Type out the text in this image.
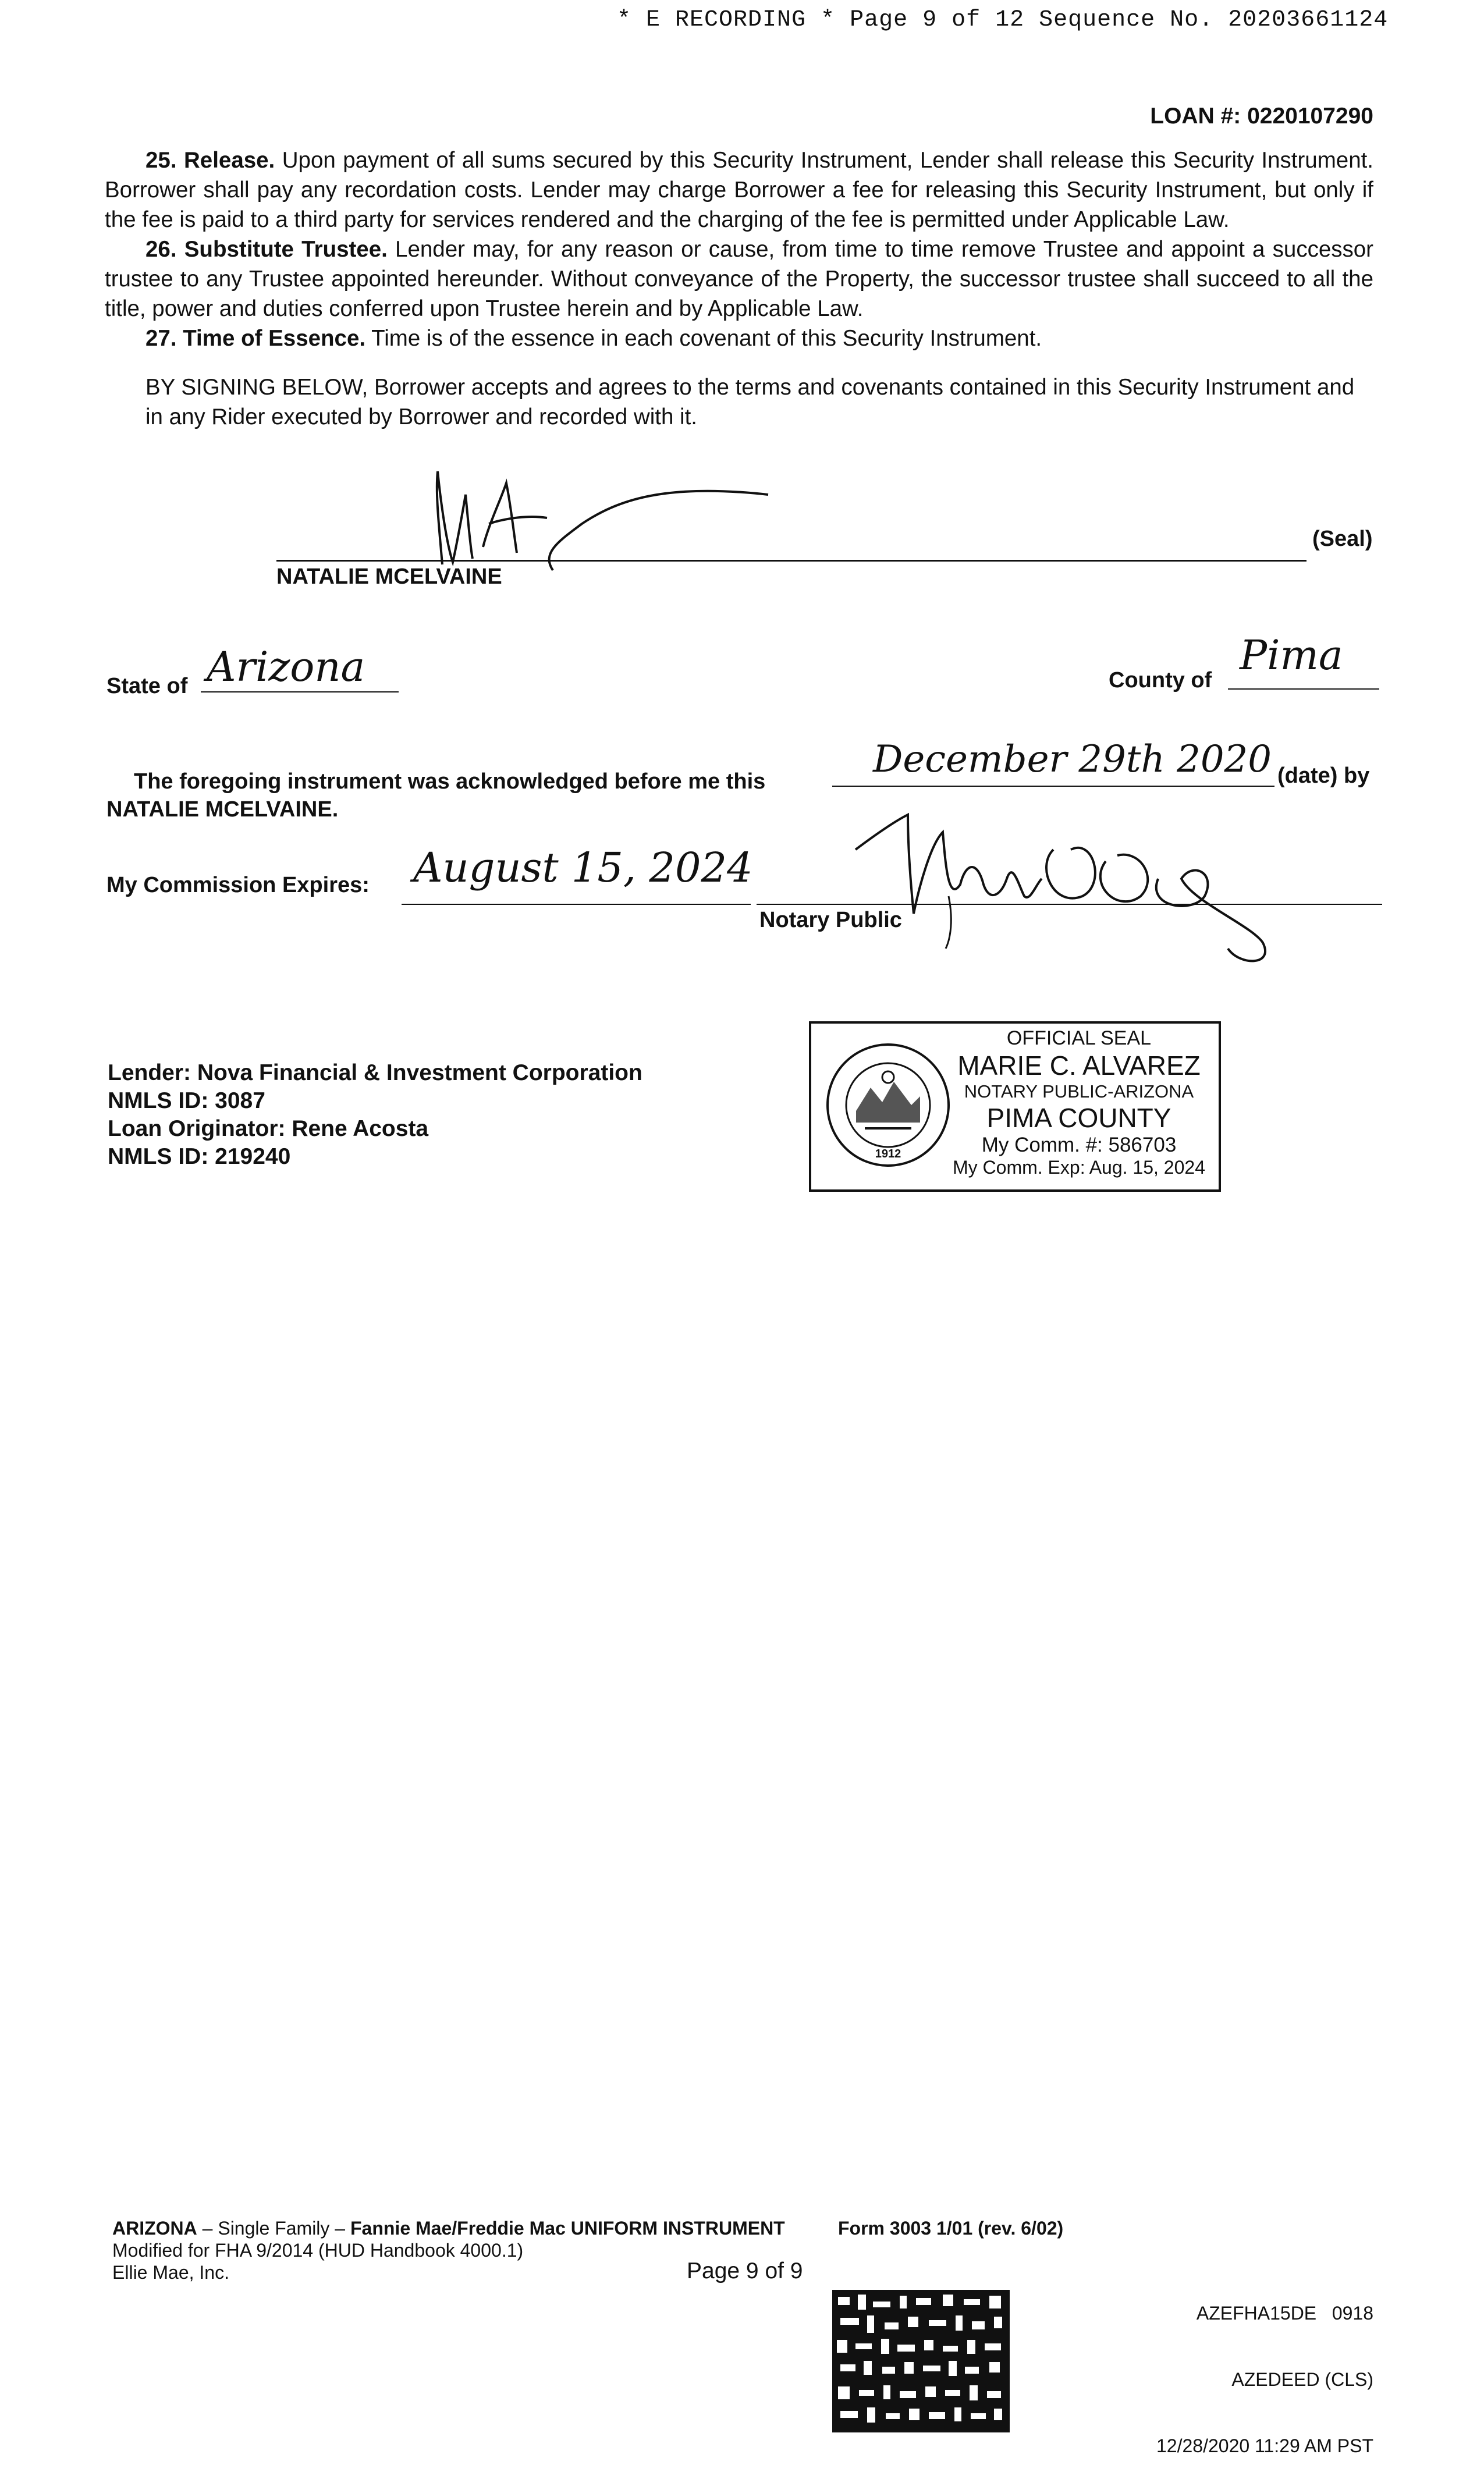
* E RECORDING * Page 9 of 12 Sequence No. 20203661124
LOAN #: 0220107290
25. Release. Upon payment of all sums secured by this Security Instrument, Lender shall release this Security Instrument. Borrower shall pay any recordation costs. Lender may charge Borrower a fee for releasing this Security Instrument, but only if the fee is paid to a third party for services rendered and the charging of the fee is permitted under Applicable Law.
26. Substitute Trustee. Lender may, for any reason or cause, from time to time remove Trustee and appoint a successor trustee to any Trustee appointed hereunder. Without conveyance of the Property, the successor trustee shall succeed to all the title, power and duties conferred upon Trustee herein and by Applicable Law.
27. Time of Essence. Time is of the essence in each covenant of this Security Instrument.
BY SIGNING BELOW, Borrower accepts and agrees to the terms and covenants contained in this Security Instrument and in any Rider executed by Borrower and recorded with it.
(Seal)
NATALIE MCELVAINE
State of Arizona	County of
Pima
The foregoing instrument was acknowledged before me this
December 29th 2020 (date) by
NATALIE MCELVAINE.
My Commission Expires: August 15, 2024
Notary Public
Lender: Nova Financial & Investment Corporation
NMLS ID: 3087
Loan Originator: Rene Acosta
NMLS ID: 219240	1912
OFFICIAL SEAL
MARIE C. ALVAREZ
NOTARY PUBLIC-ARIZONA
PIMA COUNTY
My Comm. #: 586703
My Comm. Exp: Aug. 15, 2024
ARIZONA – Single Family – Fannie Mae/Freddie Mac UNIFORM INSTRUMENT	Form 3003 1/01 (rev. 6/02)
Modified for FHA 9/2014 (HUD Handbook 4000.1)
Ellie Mae, Inc.	Page 9 of 9

AZEFHA15DE   0918

AZEDEED (CLS)

12/28/2020 11:29 AM PST
